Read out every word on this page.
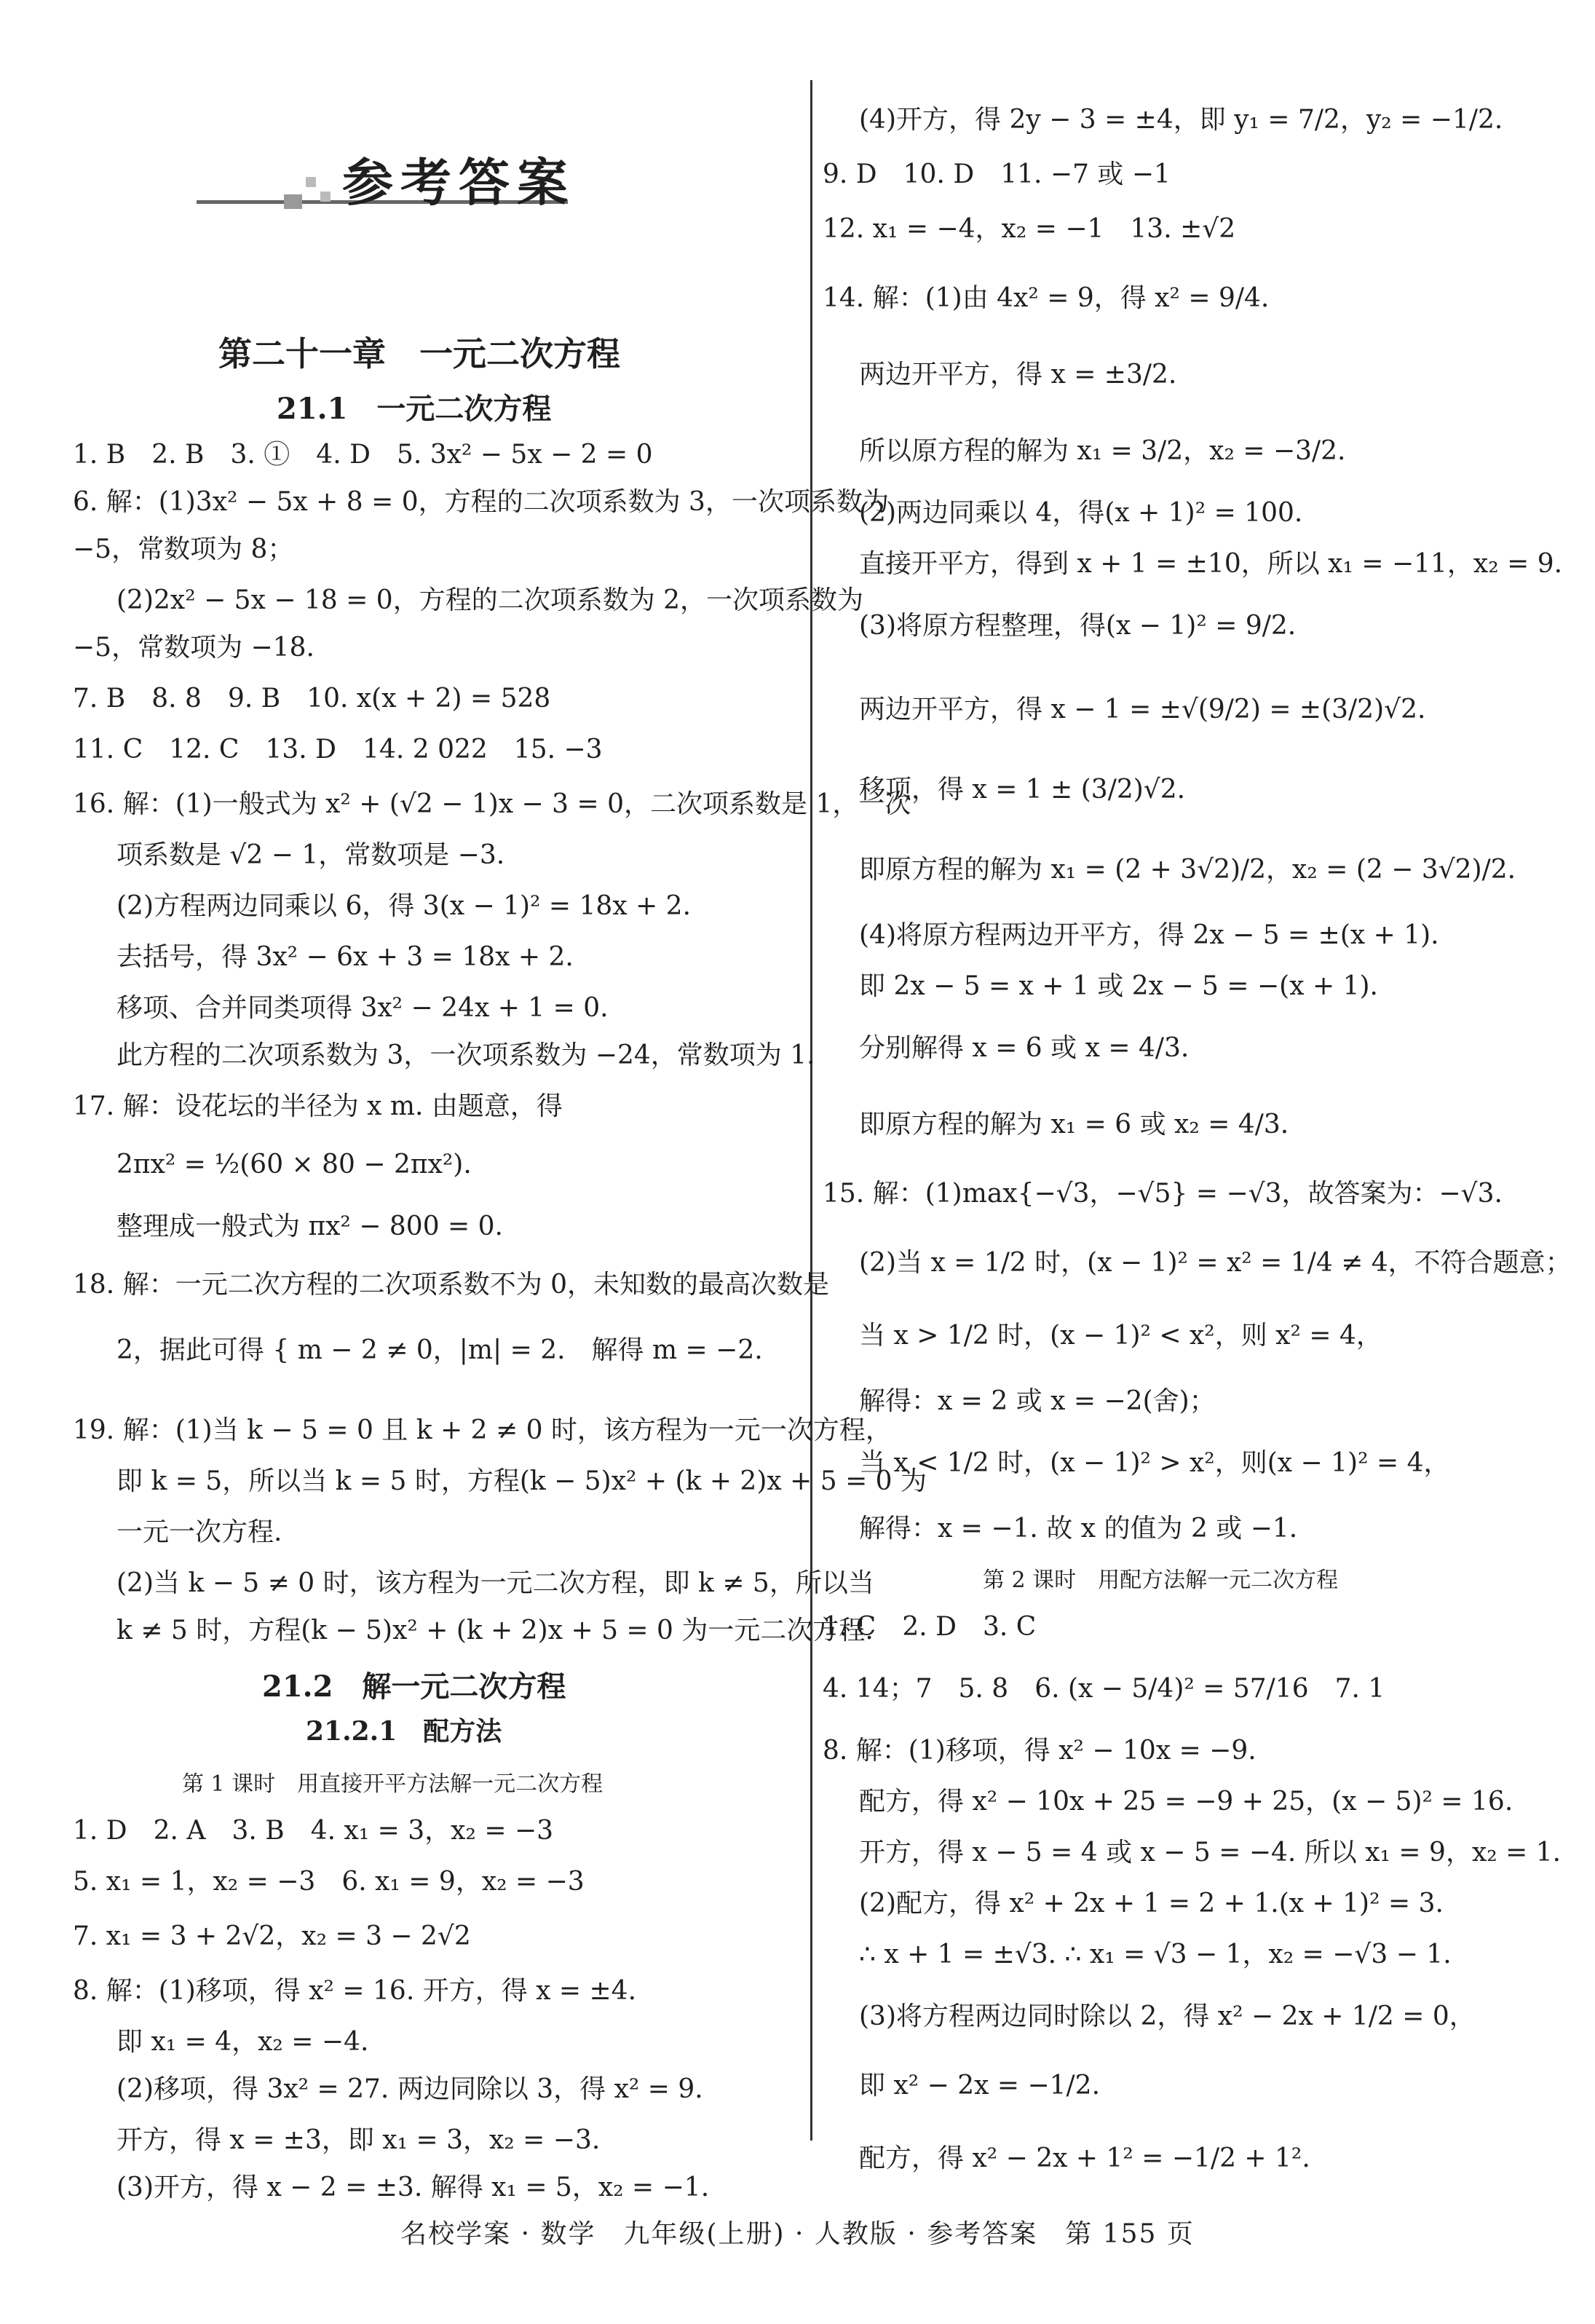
参考答案
第二十一章　一元二次方程
21.1　一元二次方程
1. B　2. B　3. ①　4. D　5. 3x² − 5x − 2 = 0
6. 解：(1)3x² − 5x + 8 = 0，方程的二次项系数为 3，一次项系数为
−5，常数项为 8；
(2)2x² − 5x − 18 = 0，方程的二次项系数为 2，一次项系数为
−5，常数项为 −18.
7. B　8. 8　9. B　10. x(x + 2) = 528
11. C　12. C　13. D　14. 2 022　15. −3
16. 解：(1)一般式为 x² + (√2 − 1)x − 3 = 0，二次项系数是 1，一次
项系数是 √2 − 1，常数项是 −3.
(2)方程两边同乘以 6，得 3(x − 1)² = 18x + 2.
去括号，得 3x² − 6x + 3 = 18x + 2.
移项、合并同类项得 3x² − 24x + 1 = 0.
此方程的二次项系数为 3，一次项系数为 −24，常数项为 1.
17. 解：设花坛的半径为 x m. 由题意，得
2πx² = ½(60 × 80 − 2πx²).
整理成一般式为 πx² − 800 = 0.
18. 解：一元二次方程的二次项系数不为 0，未知数的最高次数是
2，据此可得 { m − 2 ≠ 0，|m| = 2.　解得 m = −2.
19. 解：(1)当 k − 5 = 0 且 k + 2 ≠ 0 时，该方程为一元一次方程，
即 k = 5，所以当 k = 5 时，方程(k − 5)x² + (k + 2)x + 5 = 0 为
一元一次方程.
(2)当 k − 5 ≠ 0 时，该方程为一元二次方程，即 k ≠ 5，所以当
k ≠ 5 时，方程(k − 5)x² + (k + 2)x + 5 = 0 为一元二次方程.
21.2　解一元二次方程
21.2.1　配方法
第 1 课时　用直接开平方法解一元二次方程
1. D　2. A　3. B　4. x₁ = 3，x₂ = −3
5. x₁ = 1，x₂ = −3　6. x₁ = 9，x₂ = −3
7. x₁ = 3 + 2√2，x₂ = 3 − 2√2
8. 解：(1)移项，得 x² = 16. 开方，得 x = ±4.
即 x₁ = 4，x₂ = −4.
(2)移项，得 3x² = 27. 两边同除以 3，得 x² = 9.
开方，得 x = ±3，即 x₁ = 3，x₂ = −3.
(3)开方，得 x − 2 = ±3. 解得 x₁ = 5，x₂ = −1.
(4)开方，得 2y − 3 = ±4，即 y₁ = 7/2，y₂ = −1/2.
9. D　10. D　11. −7 或 −1
12. x₁ = −4，x₂ = −1　13. ±√2
14. 解：(1)由 4x² = 9，得 x² = 9/4.
两边开平方，得 x = ±3/2.
所以原方程的解为 x₁ = 3/2，x₂ = −3/2.
(2)两边同乘以 4，得(x + 1)² = 100.
直接开平方，得到 x + 1 = ±10，所以 x₁ = −11，x₂ = 9.
(3)将原方程整理，得(x − 1)² = 9/2.
两边开平方，得 x − 1 = ±√(9/2) = ±(3/2)√2.
移项，得 x = 1 ± (3/2)√2.
即原方程的解为 x₁ = (2 + 3√2)/2，x₂ = (2 − 3√2)/2.
(4)将原方程两边开平方，得 2x − 5 = ±(x + 1).
即 2x − 5 = x + 1 或 2x − 5 = −(x + 1).
分别解得 x = 6 或 x = 4/3.
即原方程的解为 x₁ = 6 或 x₂ = 4/3.
15. 解：(1)max{−√3，−√5} = −√3，故答案为：−√3.
(2)当 x = 1/2 时，(x − 1)² = x² = 1/4 ≠ 4，不符合题意；
当 x > 1/2 时，(x − 1)² < x²，则 x² = 4，
解得：x = 2 或 x = −2(舍)；
当 x < 1/2 时，(x − 1)² > x²，则(x − 1)² = 4，
解得：x = −1. 故 x 的值为 2 或 −1.
第 2 课时　用配方法解一元二次方程
1. C　2. D　3. C
4. 14；7　5. 8　6. (x − 5/4)² = 57/16　7. 1
8. 解：(1)移项，得 x² − 10x = −9.
配方，得 x² − 10x + 25 = −9 + 25，(x − 5)² = 16.
开方，得 x − 5 = 4 或 x − 5 = −4. 所以 x₁ = 9，x₂ = 1.
(2)配方，得 x² + 2x + 1 = 2 + 1.(x + 1)² = 3.
∴ x + 1 = ±√3. ∴ x₁ = √3 − 1，x₂ = −√3 − 1.
(3)将方程两边同时除以 2，得 x² − 2x + 1/2 = 0，
即 x² − 2x = −1/2.
配方，得 x² − 2x + 1² = −1/2 + 1².
名校学案 · 数学　九年级(上册) · 人教版 · 参考答案　第 155 页
